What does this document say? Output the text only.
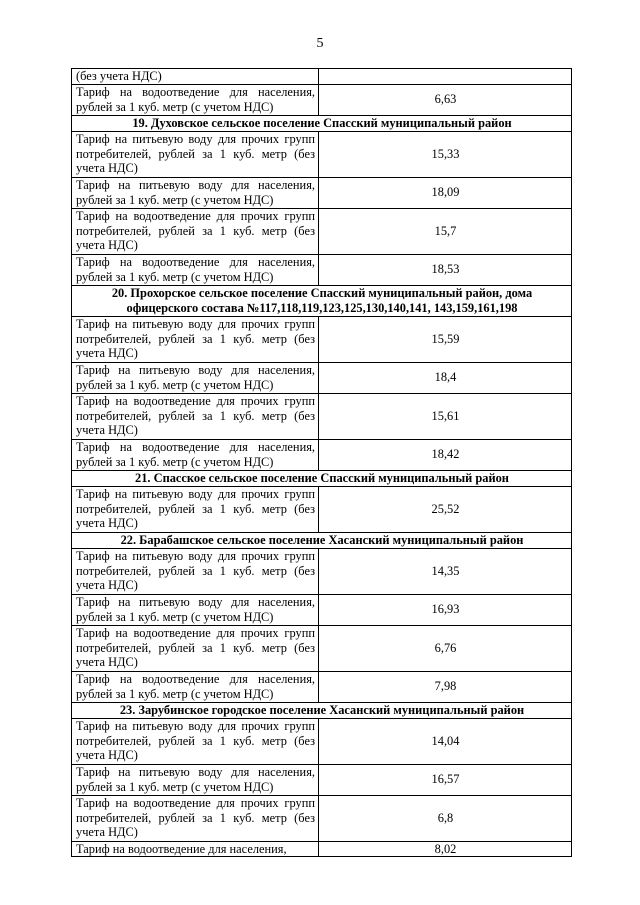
5
(без учета НДС)	
Тариф на водоотведение для населения, рублей за 1 куб. метр (с учетом НДС)	6,63
19. Духовское сельское поселение Спасский муниципальный район	
Тариф на питьевую воду для прочих групп потребителей, рублей за 1 куб. метр (без учета НДС)	15,33
Тариф на питьевую воду для населения, рублей за 1 куб. метр (с учетом НДС)	18,09
Тариф на водоотведение для прочих групп потребителей, рублей за 1 куб. метр (без учета НДС)	15,7
Тариф на водоотведение для населения, рублей за 1 куб. метр (с учетом НДС)	18,53
20. Прохорское сельское поселение Спасский муниципальный район, дома офицерского состава №117,118,119,123,125,130,140,141, 143,159,161,198	
Тариф на питьевую воду для прочих групп потребителей, рублей за 1 куб. метр (без учета НДС)	15,59
Тариф на питьевую воду для населения, рублей за 1 куб. метр (с учетом НДС)	18,4
Тариф на водоотведение для прочих групп потребителей, рублей за 1 куб. метр (без учета НДС)	15,61
Тариф на водоотведение для населения, рублей за 1 куб. метр (с учетом НДС)	18,42
21. Спасское сельское поселение Спасский муниципальный район	
Тариф на питьевую воду для прочих групп потребителей, рублей за 1 куб. метр (без учета НДС)	25,52
22. Барабашское сельское поселение Хасанский муниципальный район	
Тариф на питьевую воду для прочих групп потребителей, рублей за 1 куб. метр (без учета НДС)	14,35
Тариф на питьевую воду для населения, рублей за 1 куб. метр (с учетом НДС)	16,93
Тариф на водоотведение для прочих групп потребителей, рублей за 1 куб. метр (без учета НДС)	6,76
Тариф на водоотведение для населения, рублей за 1 куб. метр (с учетом НДС)	7,98
23. Зарубинское городское поселение Хасанский муниципальный район	
Тариф на питьевую воду для прочих групп потребителей, рублей за 1 куб. метр (без учета НДС)	14,04
Тариф на питьевую воду для населения, рублей за 1 куб. метр (с учетом НДС)	16,57
Тариф на водоотведение для прочих групп потребителей, рублей за 1 куб. метр (без учета НДС)	6,8
Тариф на водоотведение для населения,	8,02
